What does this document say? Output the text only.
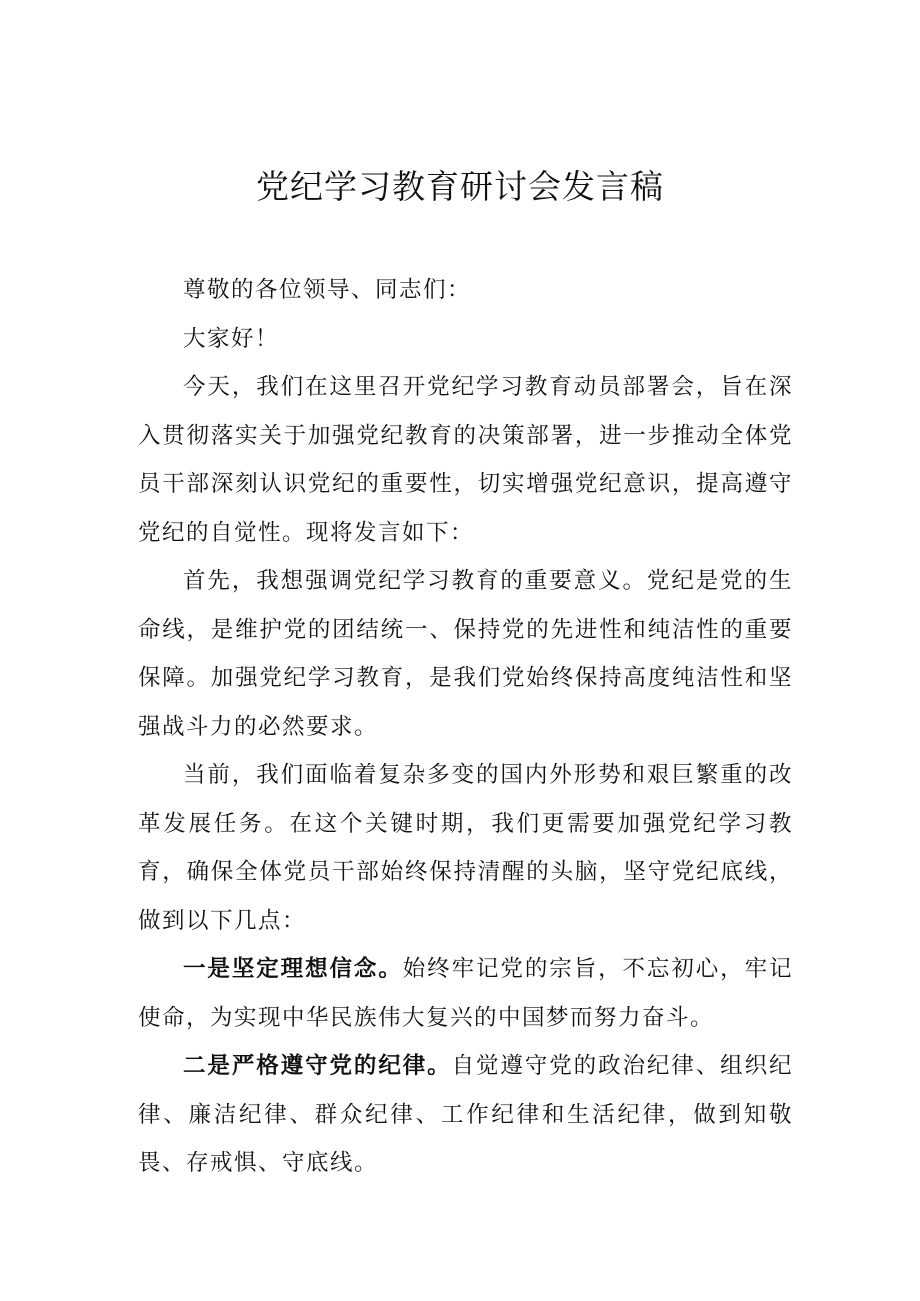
党纪学习教育研讨会发言稿

尊敬的各位领导、同志们：

大家好！

今天，我们在这里召开党纪学习教育动员部署会，旨在深入贯彻落实关于加强党纪教育的决策部署，进一步推动全体党员干部深刻认识党纪的重要性，切实增强党纪意识，提高遵守党纪的自觉性。现将发言如下：

首先，我想强调党纪学习教育的重要意义。党纪是党的生命线，是维护党的团结统一、保持党的先进性和纯洁性的重要保障。加强党纪学习教育，是我们党始终保持高度纯洁性和坚强战斗力的必然要求。

当前，我们面临着复杂多变的国内外形势和艰巨繁重的改革发展任务。在这个关键时期，我们更需要加强党纪学习教育，确保全体党员干部始终保持清醒的头脑，坚守党纪底线，做到以下几点：

一是坚定理想信念。始终牢记党的宗旨，不忘初心，牢记使命，为实现中华民族伟大复兴的中国梦而努力奋斗。

二是严格遵守党的纪律。自觉遵守党的政治纪律、组织纪律、廉洁纪律、群众纪律、工作纪律和生活纪律，做到知敬畏、存戒惧、守底线。
